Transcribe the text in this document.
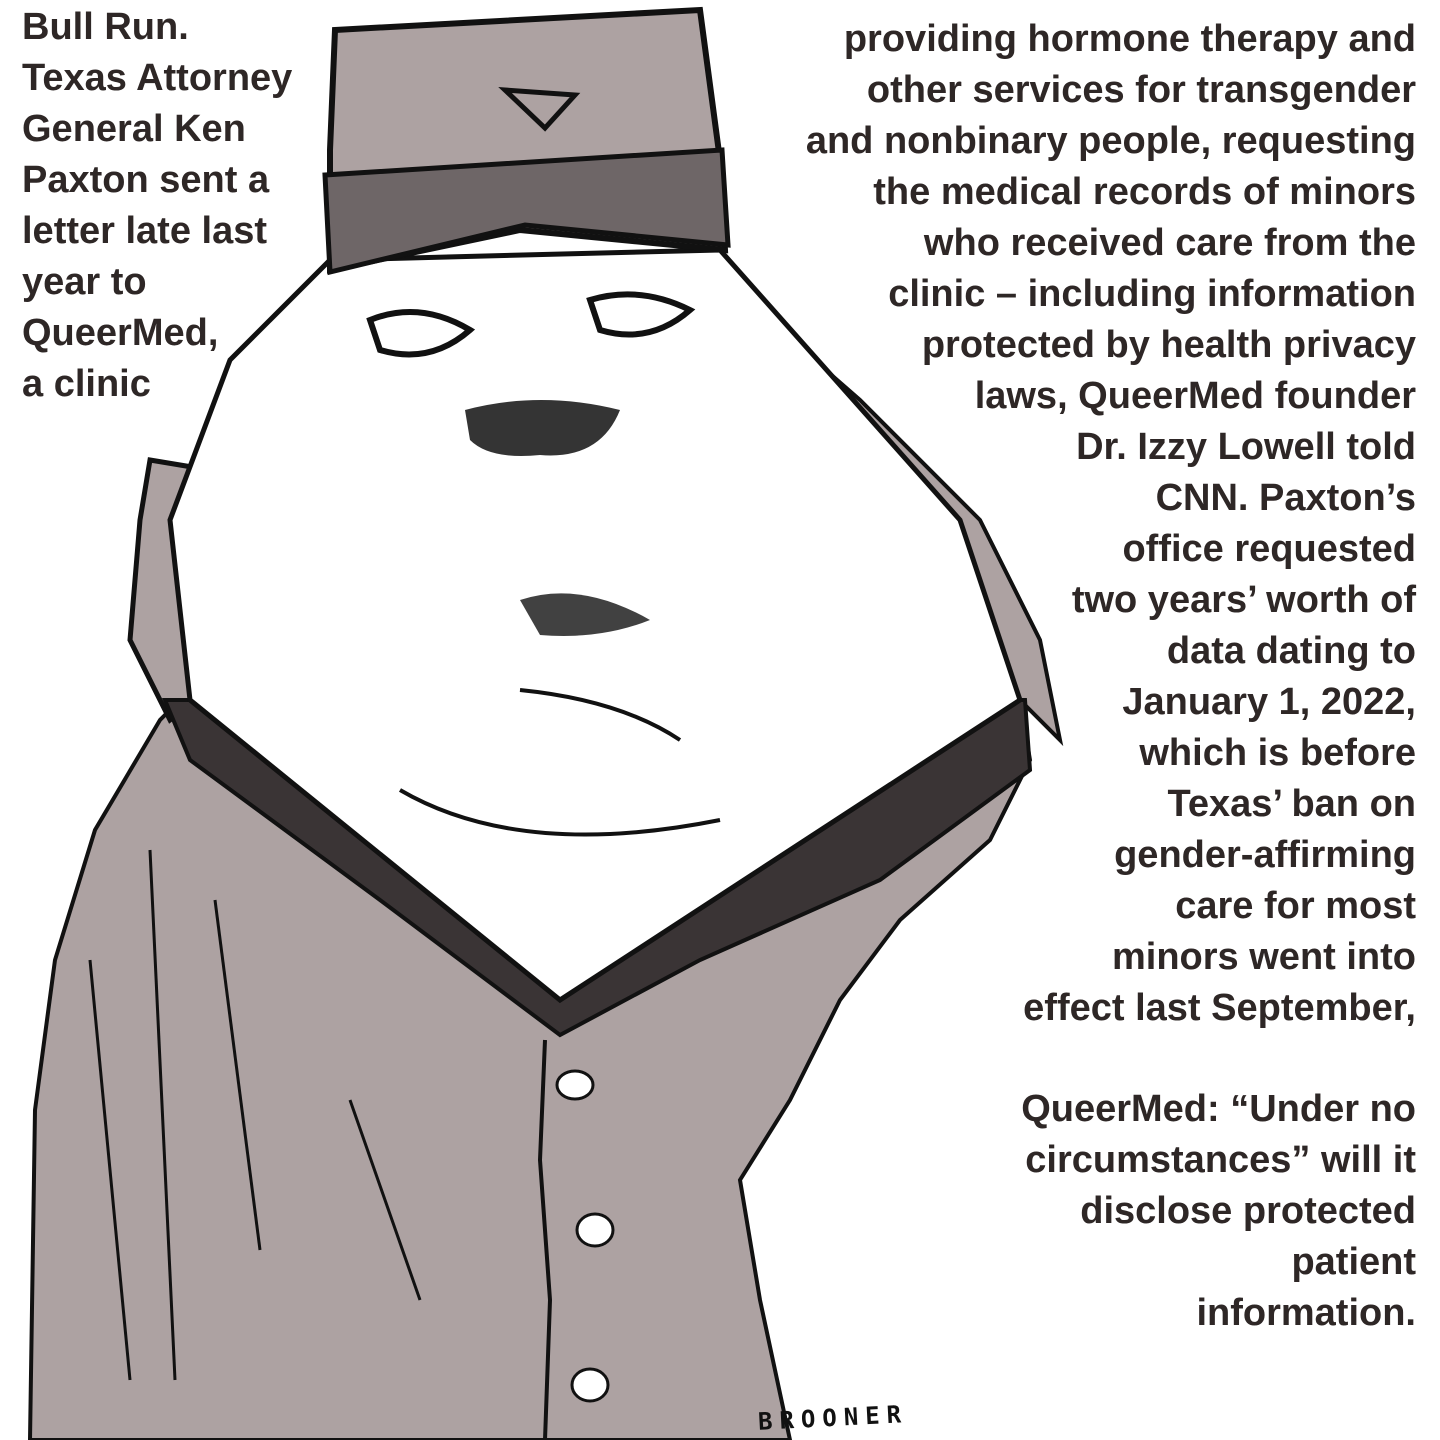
Bull Run.
Texas Attorney
General Ken
Paxton sent a
letter late last
year to
QueerMed,
a clinic
providing hormone therapy and
other services for transgender
and nonbinary people, requesting
the medical records of minors
who received care from the
clinic – including information
protected by health privacy
laws, QueerMed founder
Dr. Izzy Lowell told
CNN. Paxton’s
office requested
two years’ worth of
data dating to
January 1, 2022,
which is before
Texas’ ban on
gender-affirming
care for most
minors went into
effect last September,
QueerMed: “Under no
circumstances” will it
disclose protected
patient
information.
BROONER
